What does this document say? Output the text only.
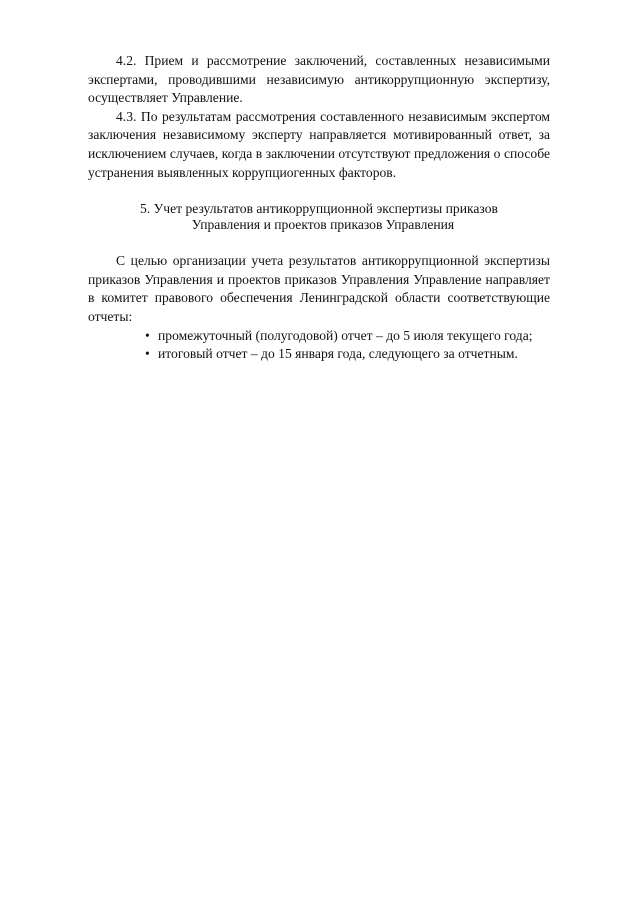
4.2. Прием и рассмотрение заключений, составленных независимыми экспертами, проводившими независимую антикоррупционную экспертизу, осуществляет Управление.

4.3. По результатам рассмотрения составленного независимым экспертом заключения независимому эксперту направляется мотивированный ответ, за исключением случаев, когда в заключении отсутствуют предложения о способе устранения выявленных коррупциогенных факторов.

5. Учет результатов антикоррупционной экспертизы приказов
Управления и проектов приказов Управления

С целью организации учета результатов антикоррупционной экспертизы приказов Управления и проектов приказов Управления Управление направляет в комитет правового обеспечения Ленинградской области соответствующие отчеты:

• промежуточный (полугодовой) отчет – до 5 июля текущего года;
• итоговый отчет – до 15 января года, следующего за отчетным.
